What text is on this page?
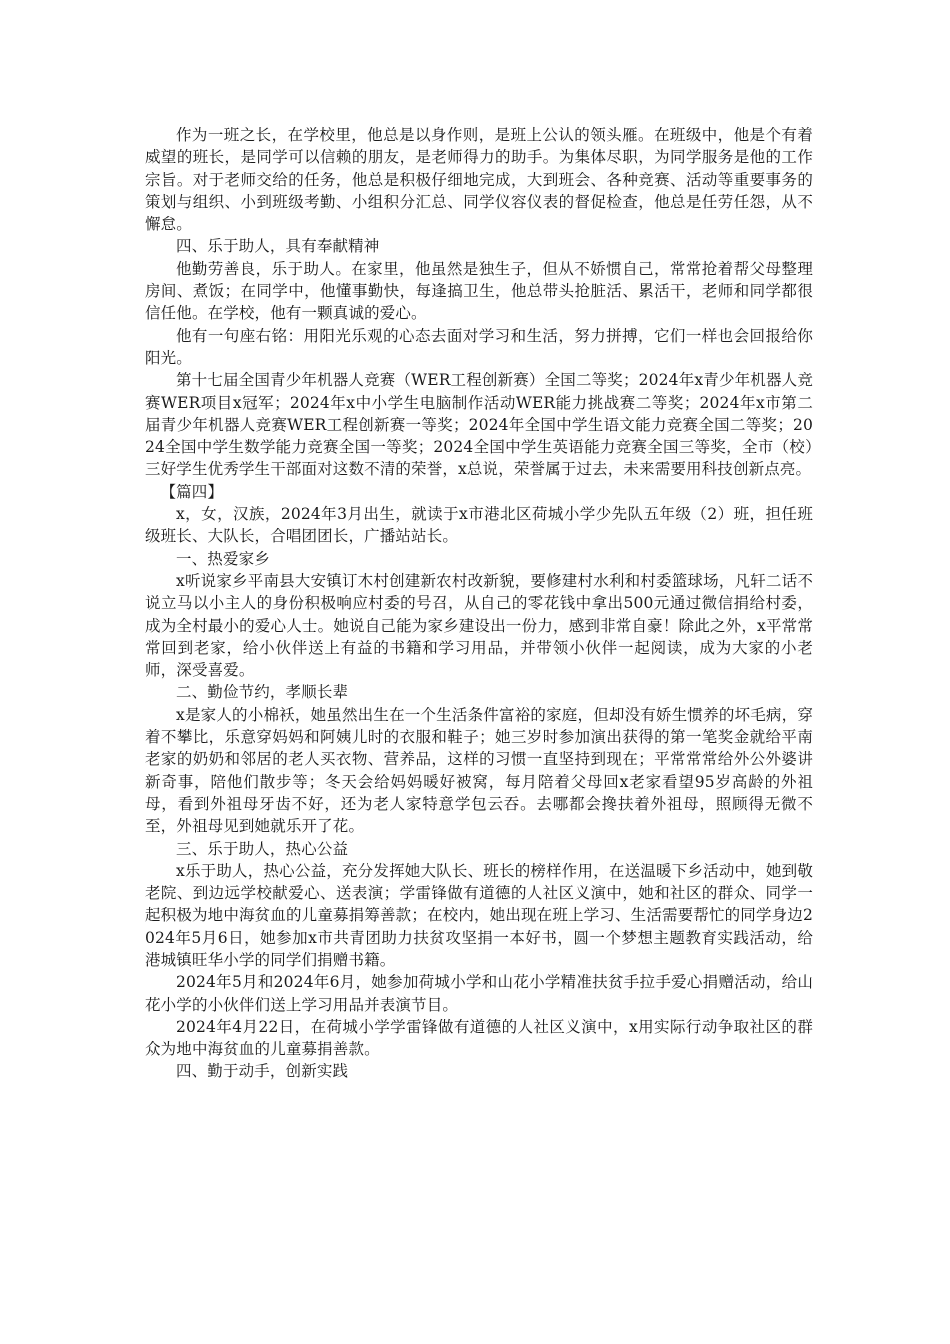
作为一班之长，在学校里，他总是以身作则，是班上公认的领头雁。在班级中，他是个有着威望的班长，是同学可以信赖的朋友，是老师得力的助手。为集体尽职，为同学服务是他的工作宗旨。对于老师交给的任务，他总是积极仔细地完成，大到班会、各种竞赛、活动等重要事务的策划与组织、小到班级考勤、小组积分汇总、同学仪容仪表的督促检查，他总是任劳任怨，从不懈怠。

四、乐于助人，具有奉献精神

他勤劳善良，乐于助人。在家里，他虽然是独生子，但从不娇惯自己，常常抢着帮父母整理房间、煮饭；在同学中，他懂事勤快，每逢搞卫生，他总带头抢脏活、累活干，老师和同学都很信任他。在学校，他有一颗真诚的爱心。

他有一句座右铭：用阳光乐观的心态去面对学习和生活，努力拼搏，它们一样也会回报给你阳光。

第十七届全国青少年机器人竞赛（WER工程创新赛）全国二等奖；2024年x青少年机器人竞赛WER项目x冠军；2024年x中小学生电脑制作活动WER能力挑战赛二等奖；2024年x市第二届青少年机器人竞赛WER工程创新赛一等奖；2024年全国中学生语文能力竞赛全国二等奖；2024全国中学生数学能力竞赛全国一等奖；2024全国中学生英语能力竞赛全国三等奖，全市（校）三好学生优秀学生干部面对这数不清的荣誉，x总说，荣誉属于过去，未来需要用科技创新点亮。

【篇四】

x，女，汉族，2024年3月出生，就读于x市港北区荷城小学少先队五年级（2）班，担任班级班长、大队长，合唱团团长，广播站站长。

一、热爱家乡

x听说家乡平南县大安镇订木村创建新农村改新貌，要修建村水利和村委篮球场，凡轩二话不说立马以小主人的身份积极响应村委的号召，从自己的零花钱中拿出500元通过微信捐给村委，成为全村最小的爱心人士。她说自己能为家乡建设出一份力，感到非常自豪！除此之外，x平常常常回到老家，给小伙伴送上有益的书籍和学习用品，并带领小伙伴一起阅读，成为大家的小老师，深受喜爱。

二、勤俭节约，孝顺长辈

x是家人的小棉袄，她虽然出生在一个生活条件富裕的家庭，但却没有娇生惯养的坏毛病，穿着不攀比，乐意穿妈妈和阿姨儿时的衣服和鞋子；她三岁时参加演出获得的第一笔奖金就给平南老家的奶奶和邻居的老人买衣物、营养品，这样的习惯一直坚持到现在；平常常常给外公外婆讲新奇事，陪他们散步等；冬天会给妈妈暖好被窝，每月陪着父母回x老家看望95岁高龄的外祖母，看到外祖母牙齿不好，还为老人家特意学包云吞。去哪都会搀扶着外祖母，照顾得无微不至，外祖母见到她就乐开了花。

三、乐于助人，热心公益

x乐于助人，热心公益，充分发挥她大队长、班长的榜样作用，在送温暖下乡活动中，她到敬老院、到边远学校献爱心、送表演；学雷锋做有道德的人社区义演中，她和社区的群众、同学一起积极为地中海贫血的儿童募捐筹善款；在校内，她出现在班上学习、生活需要帮忙的同学身边2024年5月6日，她参加x市共青团助力扶贫攻坚捐一本好书，圆一个梦想主题教育实践活动，给港城镇旺华小学的同学们捐赠书籍。

2024年5月和2024年6月，她参加荷城小学和山花小学精准扶贫手拉手爱心捐赠活动，给山花小学的小伙伴们送上学习用品并表演节目。

2024年4月22日，在荷城小学学雷锋做有道德的人社区义演中，x用实际行动争取社区的群众为地中海贫血的儿童募捐善款。

四、勤于动手，创新实践
